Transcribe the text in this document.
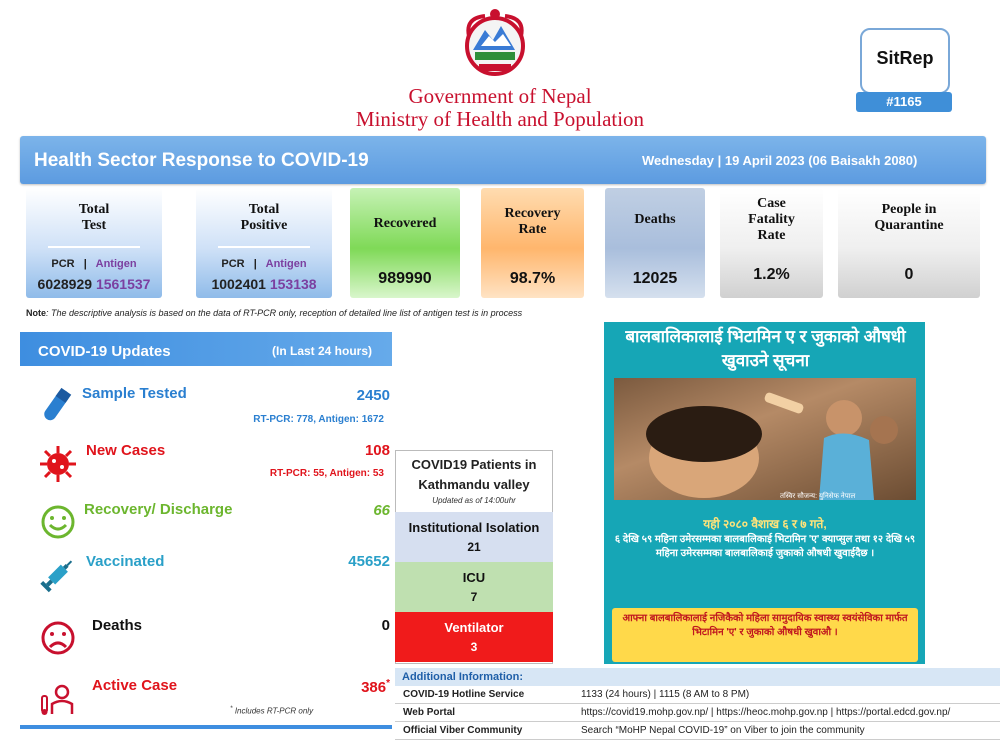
Government of Nepal
Ministry of Health and Population
SitRep
#1165
Health Sector Response to COVID-19	Wednesday | 19 April 2023 (06 Baisakh 2080)
Total
Test
PCR | Antigen
6028929 1561537
Total
Positive
PCR | Antigen
1002401 153138
Recovered
989990
Recovery
Rate
98.7%
Deaths
12025
Case
Fatality
Rate
1.2%
People in
Quarantine
0
Note: The descriptive analysis is based on the data of RT-PCR only, reception of detailed line list of antigen test is in process
COVID-19 Updates	(In Last 24 hours)
Sample Tested	2450
RT-PCR: 778, Antigen: 1672
New Cases	108
RT-PCR: 55, Antigen: 53
Recovery/ Discharge	66
Vaccinated	45652
Deaths	0
Active Case	386*
* Includes RT-PCR only
COVID19 Patients in Kathmandu valley
Updated as of 14:00uhr
Institutional Isolation
21
ICU
7
Ventilator
3
बालबालिकालाई भिटामिन ए र जुकाको औषधी खुवाउने सूचना
तस्विर सौजन्य: युनिसेफ नेपाल
यही २०८० वैशाख ६ र ७ गते,
६ देखि ५९ महिना उमेरसम्मका बालबालिकाई भिटामिन 'ए' क्याप्सुल तथा १२ देखि ५९ महिना उमेरसम्मका बालबालिकाई जुकाको औषधी खुवाईदैछ ।
आफ्ना बालबालिकालाई नजिकैको महिला सामुदायिक स्वास्थ्य स्वयंसेविका मार्फत भिटामिन 'ए' र जुकाको औषधी खुवाऔ ।
Additional Information:
COVID-19 Hotline Service	1133 (24 hours) | 1115 (8 AM to 8 PM)
Web Portal	https://covid19.mohp.gov.np/ | https://heoc.mohp.gov.np | https://portal.edcd.gov.np/
Official Viber Community	Search “MoHP Nepal COVID-19” on Viber to join the community
